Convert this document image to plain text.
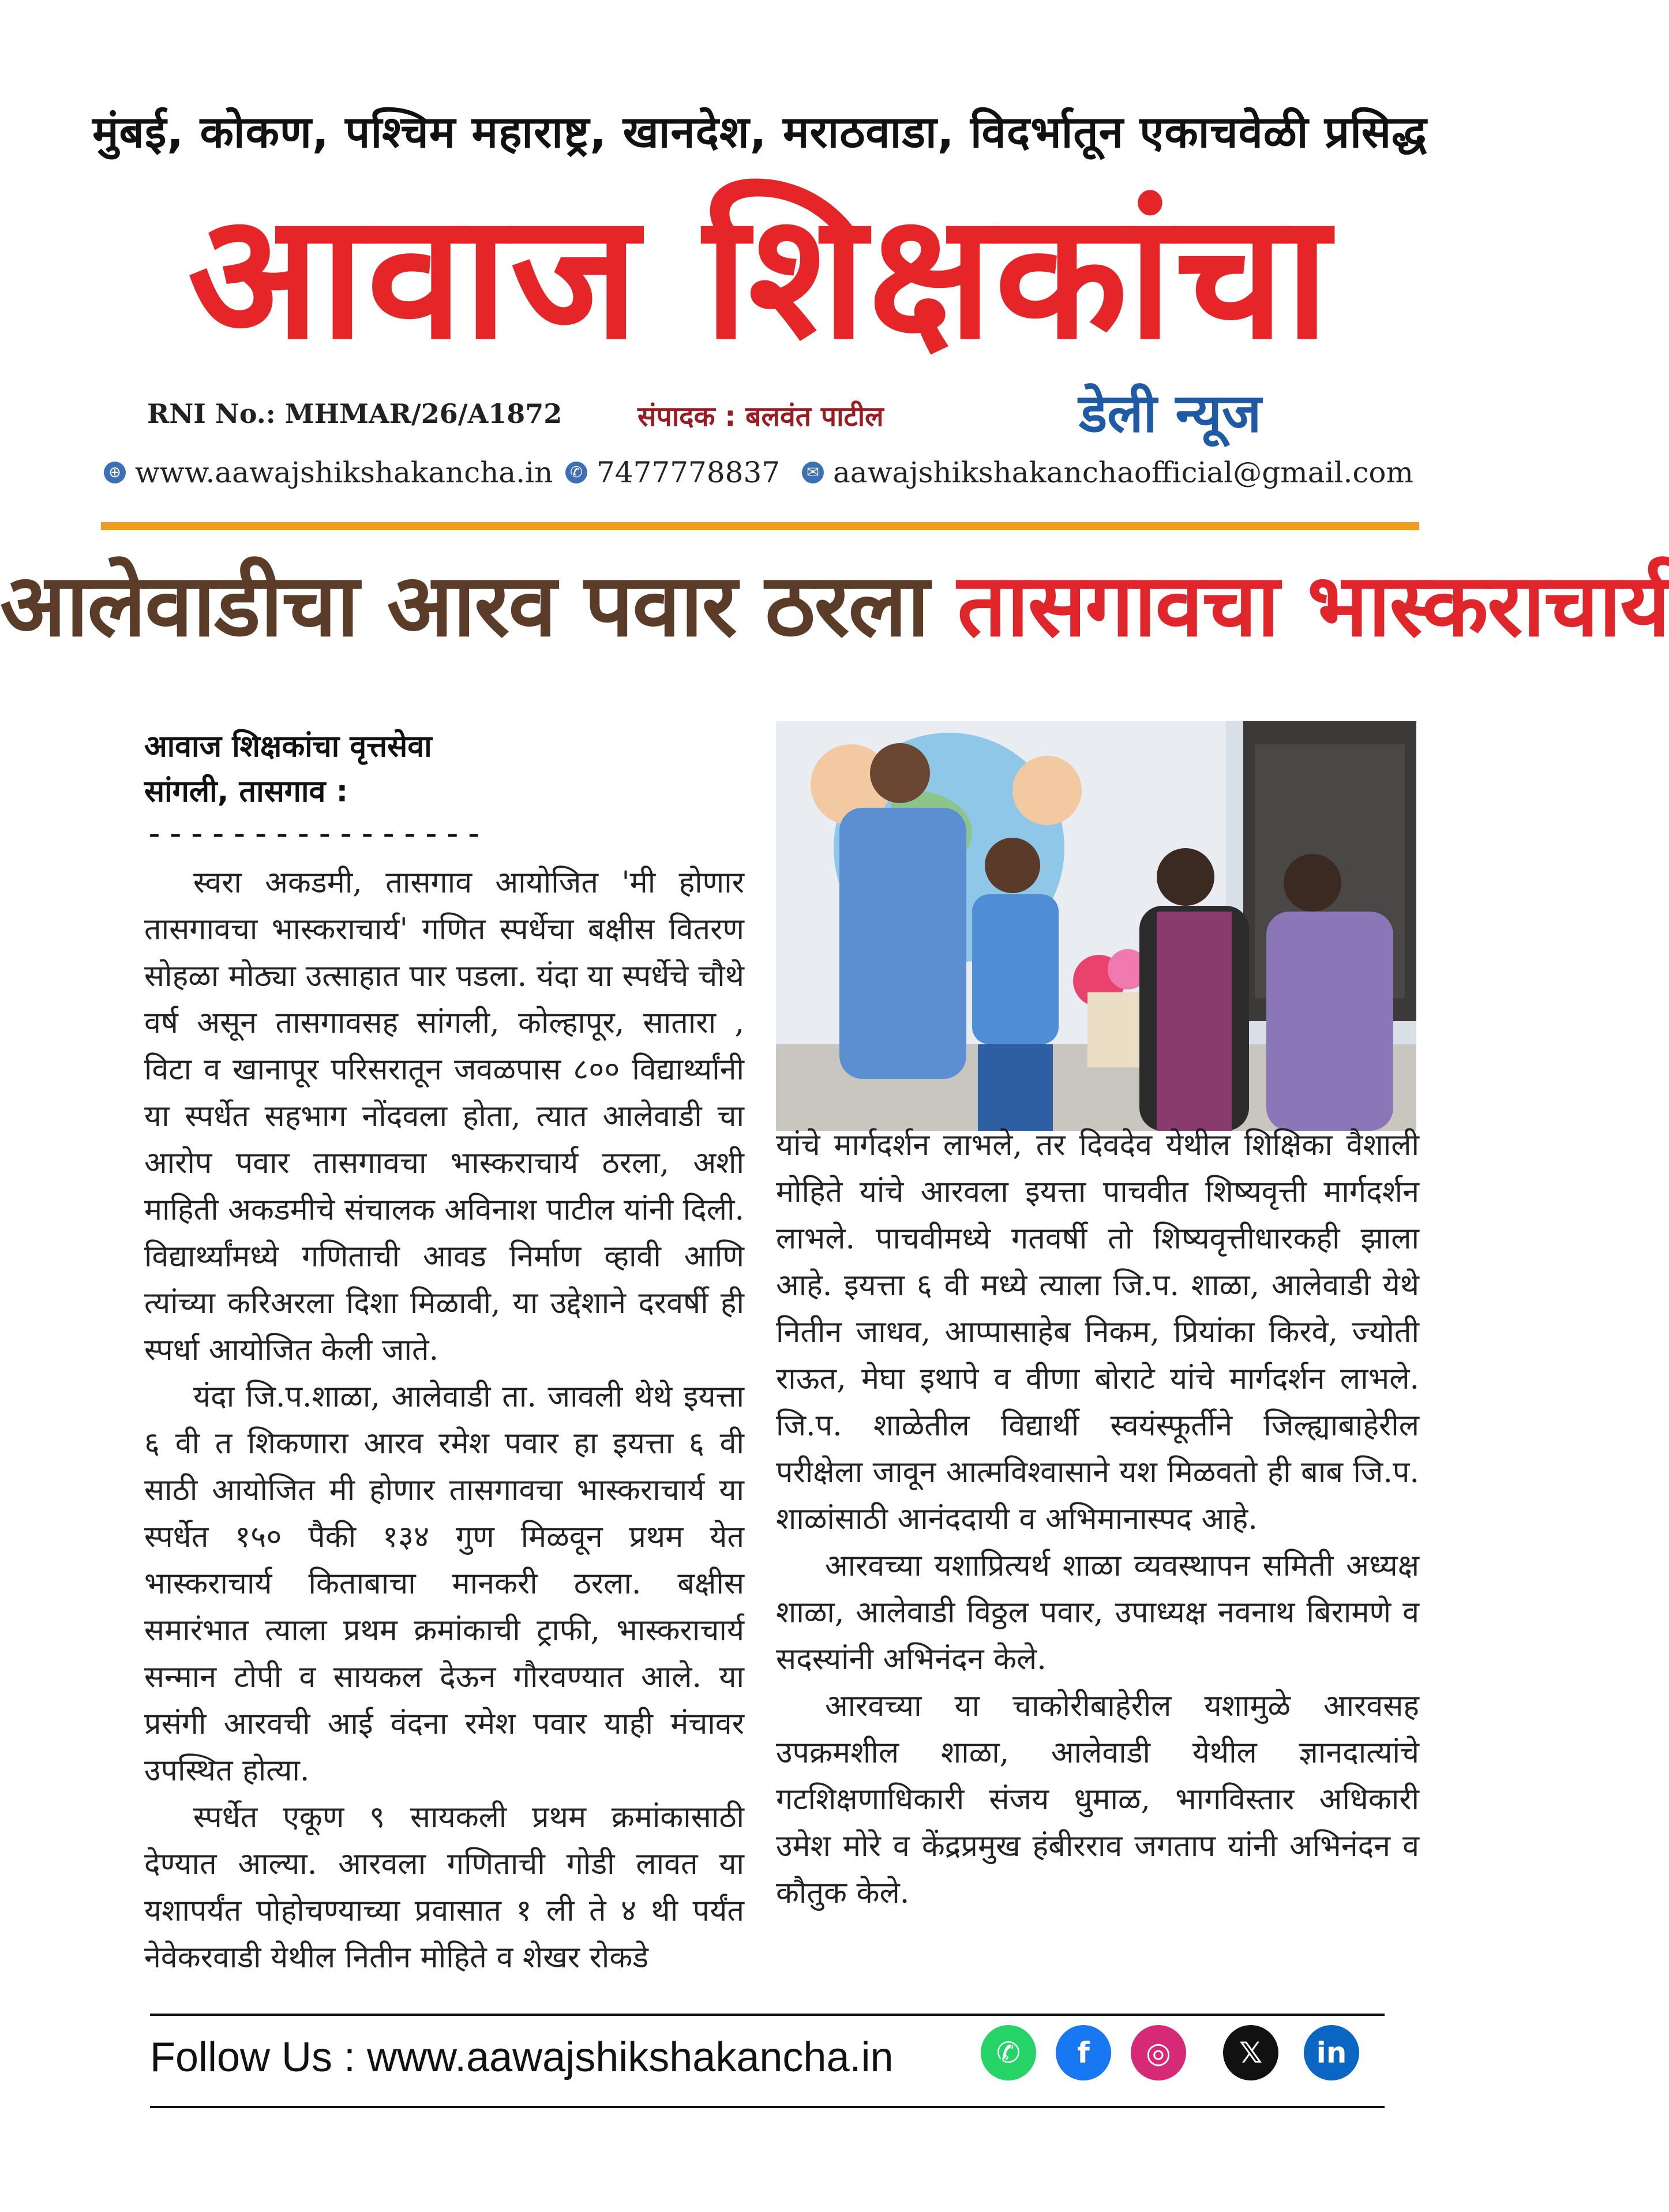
मुंबई, कोकण, पश्चिम महाराष्ट्र, खानदेश, मराठवाडा, विदर्भातून एकाचवेळी प्रसिद्ध
आवाज शिक्षकांचा
RNI No.: MHMAR/26/A1872	संपादक : बलवंत पाटील	डेली न्यूज
⊕ www.aawajshikshakancha.in	✆ 7477778837	✉ aawajshikshakanchaofficial@gmail.com
आलेवाडीचा आरव पवार ठरला तासगावचा भास्कराचार्य
आवाज शिक्षकांचा वृत्तसेवा
सांगली, तासगाव :
----------------

स्वरा अकडमी, तासगाव आयोजित 'मी होणार तासगावचा भास्कराचार्य' गणित स्पर्धेचा बक्षीस वितरण सोहळा मोठ्या उत्साहात पार पडला. यंदा या स्पर्धेचे चौथे वर्ष असून तासगावसह सांगली, कोल्हापूर, सातारा , विटा व खानापूर परिसरातून जवळपास ८०० विद्यार्थ्यांनी या स्पर्धेत सहभाग नोंदवला होता, त्यात आलेवाडी चा आरोप पवार तासगावचा भास्कराचार्य ठरला, अशी माहिती अकडमीचे संचालक अविनाश पाटील यांनी दिली. विद्यार्थ्यांमध्ये गणिताची आवड निर्माण व्हावी आणि त्यांच्या करिअरला दिशा मिळावी, या उद्देशाने दरवर्षी ही स्पर्धा आयोजित केली जाते.

यंदा जि.प.शाळा, आलेवाडी ता. जावली थेथे इयत्ता ६ वी त शिकणारा आरव रमेश पवार हा इयत्ता ६ वी साठी आयोजित मी होणार तासगावचा भास्कराचार्य या स्पर्धेत १५० पैकी १३४ गुण मिळवून प्रथम येत भास्कराचार्य किताबाचा मानकरी ठरला. बक्षीस समारंभात त्याला प्रथम क्रमांकाची ट्राफी, भास्कराचार्य सन्मान टोपी व सायकल देऊन गौरवण्यात आले. या प्रसंगी आरवची आई वंदना रमेश पवार याही मंचावर उपस्थित होत्या.

स्पर्धेत एकूण ९ सायकली प्रथम क्रमांकासाठी देण्यात आल्या. आरवला गणिताची गोडी लावत या यशापर्यंत पोहोचण्याच्या प्रवासात १ ली ते ४ थी पर्यंत नेवेकरवाडी येथील नितीन मोहिते व शेखर रोकडे

यांचे मार्गदर्शन लाभले, तर दिवदेव येथील शिक्षिका वैशाली मोहिते यांचे आरवला इयत्ता पाचवीत शिष्यवृत्ती मार्गदर्शन लाभले. पाचवीमध्ये गतवर्षी तो शिष्यवृत्तीधारकही झाला आहे. इयत्ता ६ वी मध्ये त्याला जि.प. शाळा, आलेवाडी येथे नितीन जाधव, आप्पासाहेब निकम, प्रियांका किरवे, ज्योती राऊत, मेघा इथापे व वीणा बोराटे यांचे मार्गदर्शन लाभले. जि.प. शाळेतील विद्यार्थी स्वयंस्फूर्तीने जिल्ह्याबाहेरील परीक्षेला जावून आत्मविश्वासाने यश मिळवतो ही बाब जि.प. शाळांसाठी आनंददायी व अभिमानास्पद आहे.

आरवच्या यशाप्रित्यर्थ शाळा व्यवस्थापन समिती अध्यक्ष शाळा, आलेवाडी विठ्ठल पवार, उपाध्यक्ष नवनाथ बिरामणे व सदस्यांनी अभिनंदन केले.

आरवच्या या चाकोरीबाहेरील यशामुळे आरवसह उपक्रमशील शाळा, आलेवाडी येथील ज्ञानदात्यांचे गटशिक्षणाधिकारी संजय धुमाळ, भागविस्तार अधिकारी उमेश मोरे व केंद्रप्रमुख हंबीरराव जगताप यांनी अभिनंदन व कौतुक केले.

Follow Us : www.aawajshikshakancha.in	✆ f ◎ 𝕏 in
